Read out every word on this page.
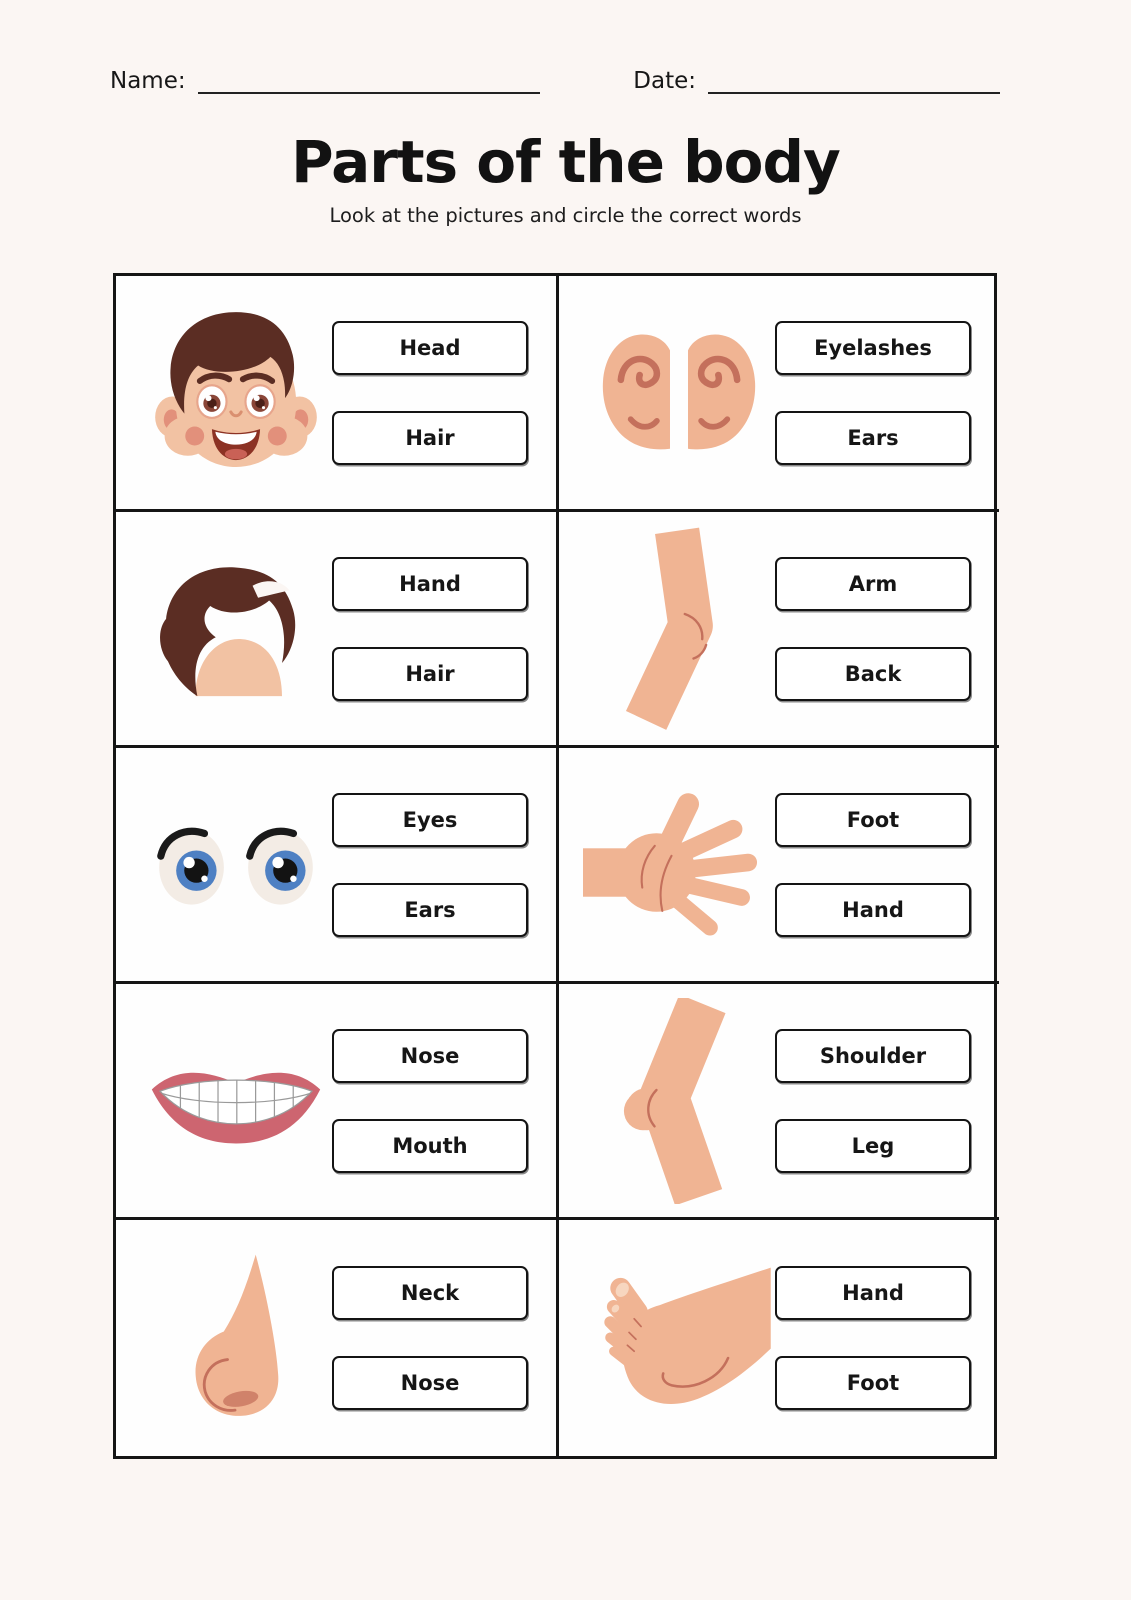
Name:	Date:
Parts of the body

Look at the pictures and circle the correct words

Head
Hair
Eyelashes
Ears
Hand
Hair
Arm
Back
Eyes
Ears
Foot
Hand
Nose
Mouth
Shoulder
Leg
Neck
Nose
Hand
Foot
